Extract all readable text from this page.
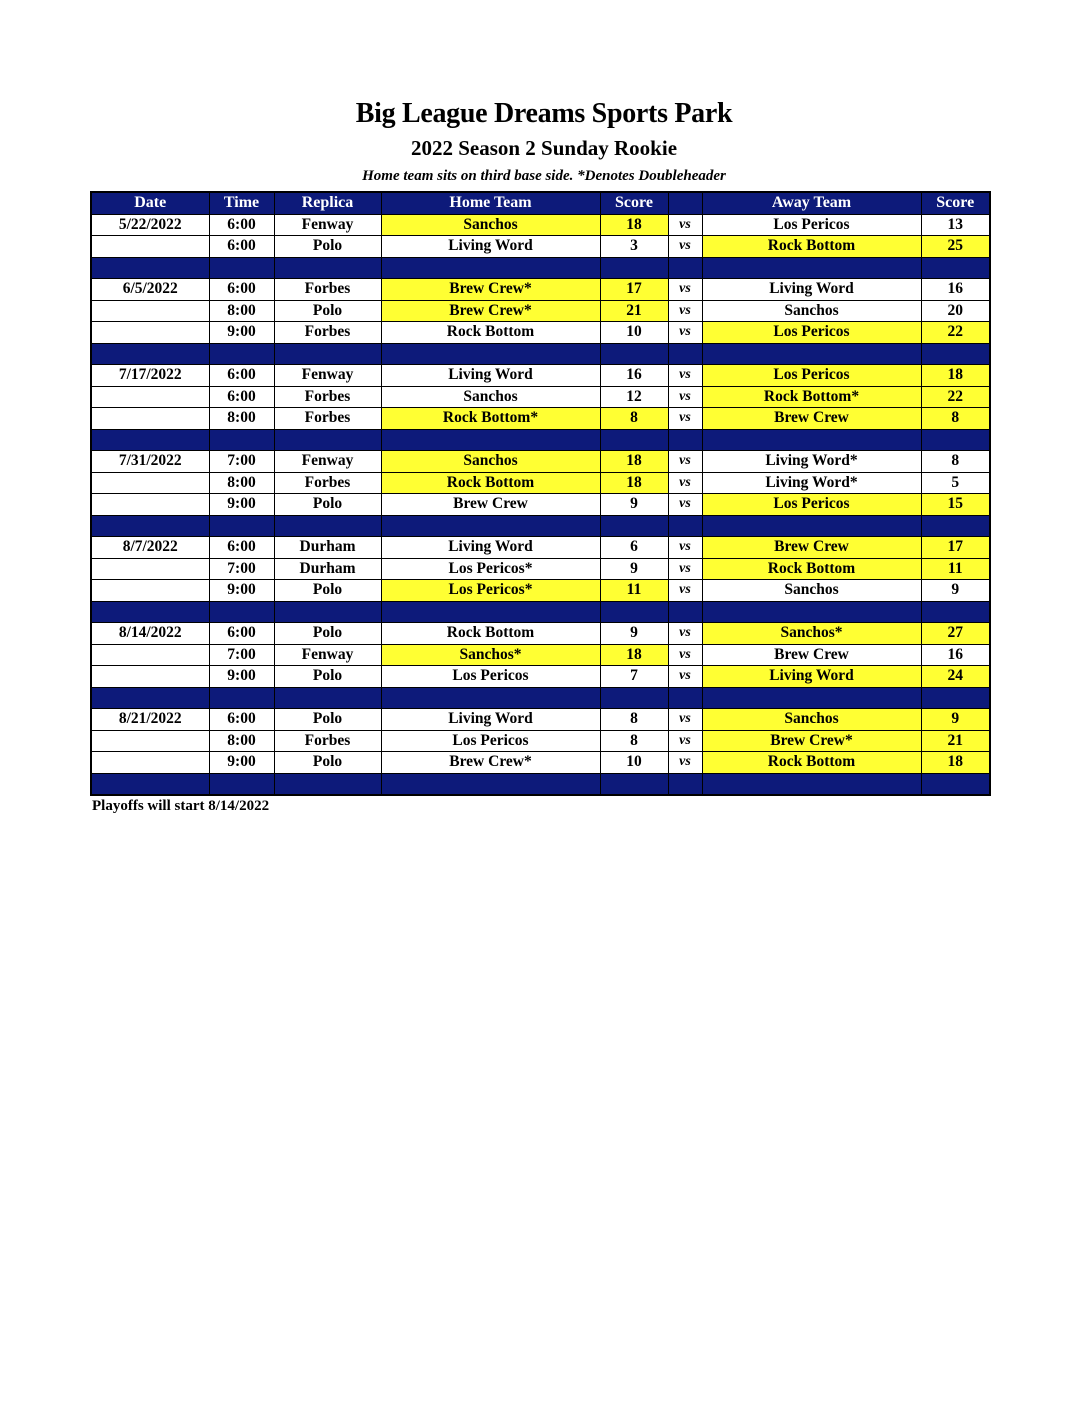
Big League Dreams Sports Park
2022 Season 2 Sunday Rookie
Home team sits on third base side. *Denotes Doubleheader
Date	Time	Replica	Home Team	Score		Away Team	Score
5/22/2022	6:00	Fenway	Sanchos	18	vs	Los Pericos	13
	6:00	Polo	Living Word	3	vs	Rock Bottom	25

6/5/2022	6:00	Forbes	Brew Crew*	17	vs	Living Word	16
	8:00	Polo	Brew Crew*	21	vs	Sanchos	20
	9:00	Forbes	Rock Bottom	10	vs	Los Pericos	22

7/17/2022	6:00	Fenway	Living Word	16	vs	Los Pericos	18
	6:00	Forbes	Sanchos	12	vs	Rock Bottom*	22
	8:00	Forbes	Rock Bottom*	8	vs	Brew Crew	8

7/31/2022	7:00	Fenway	Sanchos	18	vs	Living Word*	8
	8:00	Forbes	Rock Bottom	18	vs	Living Word*	5
	9:00	Polo	Brew Crew	9	vs	Los Pericos	15

8/7/2022	6:00	Durham	Living Word	6	vs	Brew Crew	17
	7:00	Durham	Los Pericos*	9	vs	Rock Bottom	11
	9:00	Polo	Los Pericos*	11	vs	Sanchos	9

8/14/2022	6:00	Polo	Rock Bottom	9	vs	Sanchos*	27
	7:00	Fenway	Sanchos*	18	vs	Brew Crew	16
	9:00	Polo	Los Pericos	7	vs	Living Word	24

8/21/2022	6:00	Polo	Living Word	8	vs	Sanchos	9
	8:00	Forbes	Los Pericos	8	vs	Brew Crew*	21
	9:00	Polo	Brew Crew*	10	vs	Rock Bottom	18

Playoffs will start 8/14/2022
